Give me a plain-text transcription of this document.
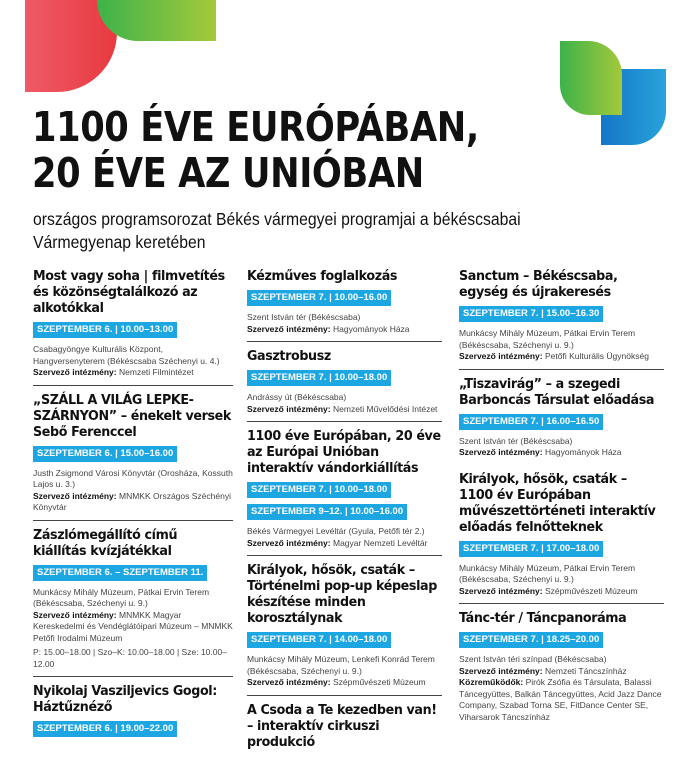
1100 ÉVE EURÓPÁBAN,
20 ÉVE AZ UNIÓBAN
országos programsorozat Békés vármegyei programjai a békéscsabai
Vármegyenap keretében
Most vagy soha | filmvetítés és közönségtalálkozó az alkotókkal
SZEPTEMBER 6. | 10.00–13.00
Csabagyöngye Kulturális Központ, Hangversenyterem (Békéscsaba Széchenyi u. 4.)
Szervező intézmény: Nemzeti Filmintézet
„SZÁLL A VILÁG LEPKE-SZÁRNYON” – énekelt versek Sebő Ferenccel
SZEPTEMBER 6. | 15.00–16.00
Justh Zsigmond Városi Könyvtár (Orosháza, Kossuth Lajos u. 3.)
Szervező intézmény: MNMKK Országos Széchényi Könyvtár
Zászlómegállító című kiállítás kvízjátékkal
SZEPTEMBER 6. – SZEPTEMBER 11.
Munkácsy Mihály Múzeum, Pátkai Ervin Terem (Békéscsaba, Széchenyi u. 9.)
Szervező intézmény: MNMKK Magyar Kereskedelmi és Vendéglátóipari Múzeum – MNMKK Petőfi Irodalmi Múzeum
P: 15.00–18.00 | Szo–K: 10.00–18.00 | Sze: 10.00–12.00
Nyikolaj Vasziljevics Gogol: Háztűznéző
SZEPTEMBER 6. | 19.00–22.00
Kézműves foglalkozás
SZEPTEMBER 7. | 10.00–16.00
Szent István tér (Békéscsaba)
Szervező intézmény: Hagyományok Háza
Gasztrobusz
SZEPTEMBER 7. | 10.00–18.00
Andrássy út (Békéscsaba)
Szervező intézmény: Nemzeti Művelődési Intézet
1100 éve Európában, 20 éve az Európai Unióban interaktív vándorkiállítás
SZEPTEMBER 7. | 10.00–18.00
SZEPTEMBER 9–12. | 10.00–16.00
Békés Vármegyei Levéltár (Gyula, Petőfi tér 2.)
Szervező intézmény: Magyar Nemzeti Levéltár
Királyok, hősök, csaták – Történelmi pop-up képeslap készítése minden korosztálynak
SZEPTEMBER 7. | 14.00–18.00
Munkácsy Mihály Múzeum, Lenkefi Konrád Terem (Békéscsaba, Széchenyi u. 9.)
Szervező intézmény: Szépművészeti Múzeum
A Csoda a Te kezedben van! – interaktív cirkuszi produkció
Sanctum – Békéscsaba, egység és újrakeresés
SZEPTEMBER 7. | 15.00–16.30
Munkácsy Mihály Múzeum, Pátkai Ervin Terem (Békéscsaba, Széchenyi u. 9.)
Szervező intézmény: Petőfi Kulturális Ügynökség
„Tiszavirág” – a szegedi Barboncás Társulat előadása
SZEPTEMBER 7. | 16.00–16.50
Szent István tér (Békéscsaba)
Szervező intézmény: Hagyományok Háza
Királyok, hősök, csaták – 1100 év Európában művészettörténeti interaktív előadás felnőtteknek
SZEPTEMBER 7. | 17.00–18.00
Munkácsy Mihály Múzeum, Pátkai Ervin Terem (Békéscsaba, Széchenyi u. 9.)
Szervező intézmény: Szépművészeti Múzeum
Tánc-tér / Táncpanoráma
SZEPTEMBER 7. | 18.25–20.00
Szent István téri színpad (Békéscsaba)
Szervező intézmény: Nemzeti Táncszínház
Közreműködők: Pirók Zsófia és Társulata, Balassi Táncegyüttes, Balkán Táncegyüttes, Acid Jazz Dance Company, Szabad Torna SE, FitDance Center SE, Viharsarok Táncszínház
